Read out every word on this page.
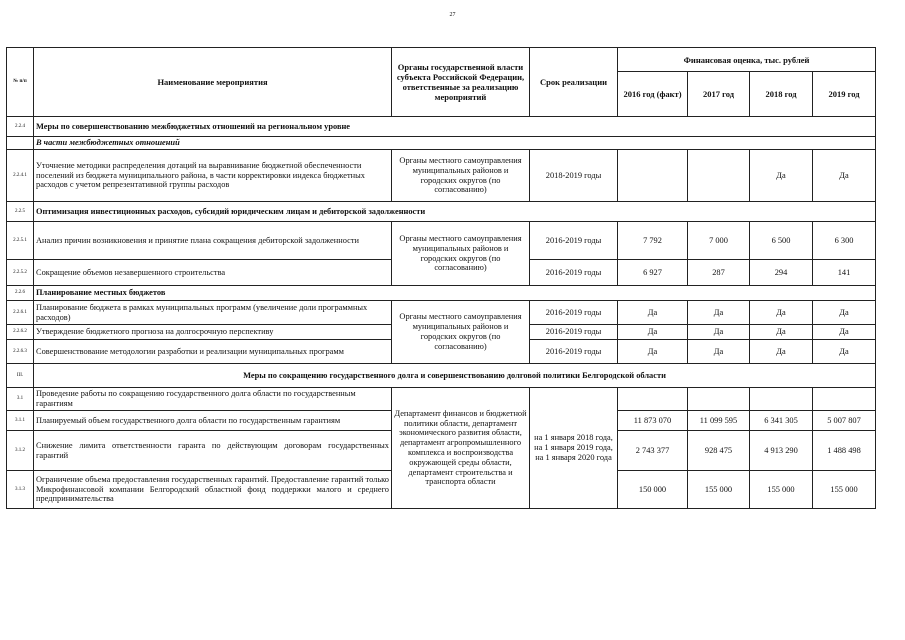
27
№ п/п	Наименование мероприятия	Органы государственной власти субъекта Российской Федерации, ответственные за реализацию мероприятий	Срок реализации	Финансовая оценка, тыс. рублей			
				2016 год (факт)	2017 год	2018 год	2019 год
2.2.4	Меры по совершенствованию межбюджетных отношений на региональном уровне						
	В части межбюджетных отношений						
2.2.4.1	Уточнение методики распределения дотаций на выравнивание бюджетной обеспеченности поселений из бюджета муниципального района, в части корректировки индекса бюджетных расходов с учетом репрезентативной группы расходов	Органы местного самоуправления муниципальных районов и городских округов (по согласованию)	2018-2019 годы			Да	Да
2.2.5	Оптимизация инвестиционных расходов, субсидий юридическим лицам и дебиторской задолженности						
2.2.5.1	Анализ причин возникновения и принятие плана сокращения дебиторской задолженности	Органы местного самоуправления муниципальных районов и городских округов (по согласованию)	2016-2019 годы	7 792	7 000	6 500	6 300
2.2.5.2	Сокращение объемов незавершенного строительства		2016-2019 годы	6 927	287	294	141
2.2.6	Планирование местных бюджетов						
2.2.6.1	Планирование бюджета в рамках муниципальных программ (увеличение доли программных расходов)	Органы местного самоуправления муниципальных районов и городских округов (по согласованию)	2016-2019 годы	Да	Да	Да	Да
2.2.6.2	Утверждение бюджетного прогноза на долгосрочную перспективу		2016-2019 годы	Да	Да	Да	Да
2.2.6.3	Совершенствование методологии разработки и реализации муниципальных программ		2016-2019 годы	Да	Да	Да	Да
III.	Меры по сокращению государственного долга и совершенствованию долговой политики Белгородской области						
3.1	Проведение работы по сокращению государственного долга области по государственным гарантиям	Департамент финансов и бюджетной политики области, департамент экономического развития области, департамент агропромышленного комплекса и воспроизводства окружающей среды области, департамент строительства и транспорта области	на 1 января 2018 года, на 1 января 2019 года, на 1 января 2020 года				
3.1.1	Планируемый объем государственного долга области по государственным гарантиям			11 873 070	11 099 595	6 341 305	5 007 807
3.1.2	Снижение лимита ответственности гаранта по действующим договорам государственных гарантий			2 743 377	928 475	4 913 290	1 488 498
3.1.3	Ограничение объема предоставления государственных гарантий. Предоставление гарантий только Микрофинансовой компании Белгородский областной фонд поддержки малого и среднего предпринимательства			150 000	155 000	155 000	155 000
